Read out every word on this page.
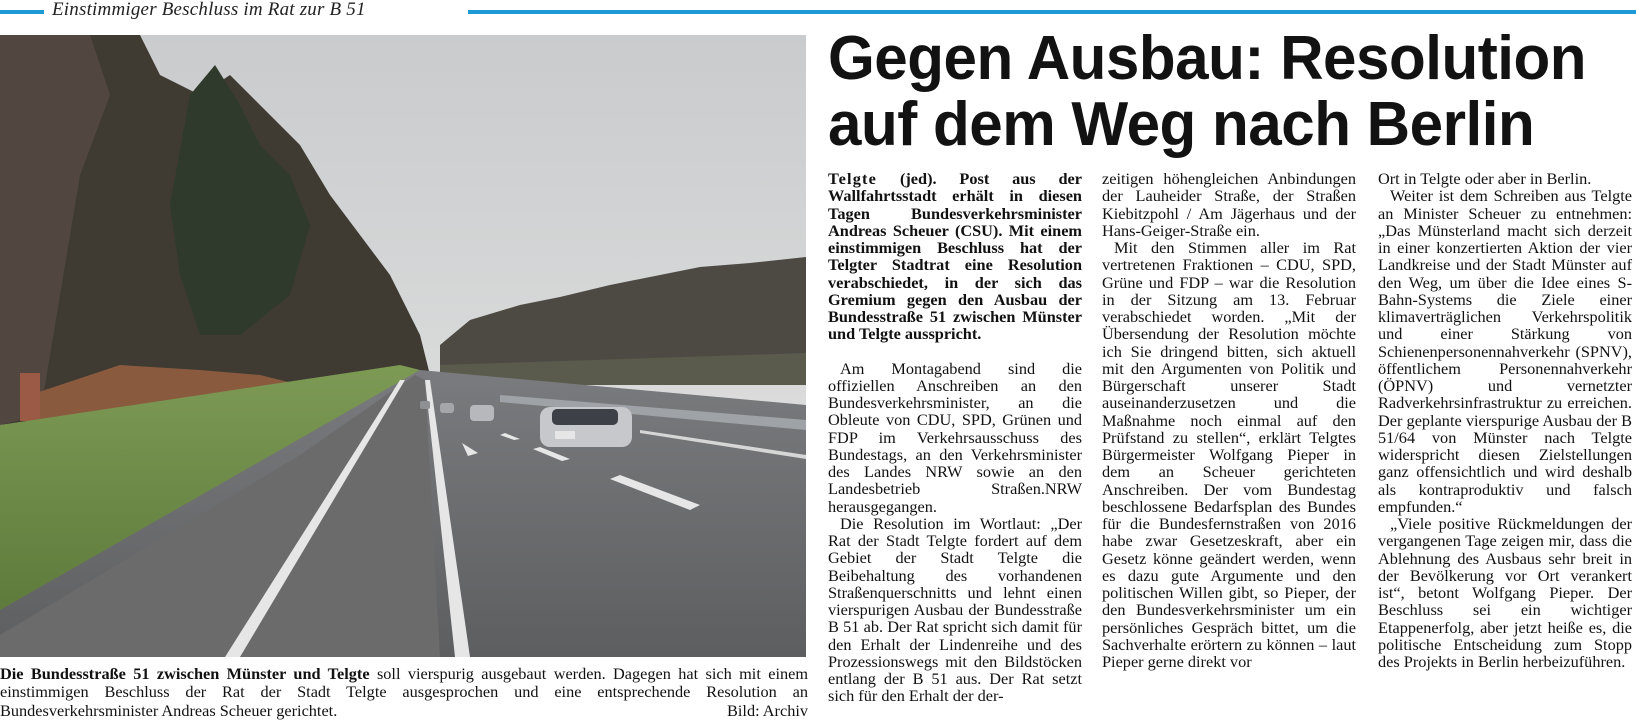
Einstimmiger Beschluss im Rat zur B 51
Die Bundesstraße 51 zwischen Münster und Telgte soll vierspurig ausgebaut werden. Dagegen hat sich mit einem einstimmigen Beschluss der Rat der Stadt Telgte ausgesprochen und eine entsprechende Resolution an Bundesverkehrsminister Andreas Scheuer gerichtet.	Bild: Archiv
Gegen Ausbau: Resolution
auf dem Weg nach Berlin

Telgte (jed). Post aus der Wallfahrtsstadt erhält in diesen Tagen Bundesverkehrsminister Andreas Scheuer (CSU). Mit einem einstimmigen Beschluss hat der Telgter Stadtrat eine Resolution verabschiedet, in der sich das Gremium gegen den Ausbau der Bundesstraße 51 zwischen Münster und Telgte ausspricht.

Am Montagabend sind die offiziellen Anschreiben an den Bundesverkehrsminister, an die Obleute von CDU, SPD, Grünen und FDP im Verkehrsausschuss des Bundestags, an den Verkehrsminister des Landes NRW sowie an den Landesbetrieb Straßen.NRW herausgegangen.

Die Resolution im Wortlaut: „Der Rat der Stadt Telgte fordert auf dem Gebiet der Stadt Telgte die Beibehaltung des vorhandenen Straßenquerschnitts und lehnt einen vierspurigen Ausbau der Bundesstraße B 51 ab. Der Rat spricht sich damit für den Erhalt der Lindenreihe und des Prozessionswegs mit den Bildstöcken entlang der B 51 aus. Der Rat setzt sich für den Erhalt der der-

zeitigen höhengleichen Anbindungen der Lauheider Straße, der Straßen Kiebitzpohl / Am Jägerhaus und der Hans-Geiger-Straße ein.

Mit den Stimmen aller im Rat vertretenen Fraktionen – CDU, SPD, Grüne und FDP – war die Resolution in der Sitzung am 13. Februar verabschiedet worden. „Mit der Übersendung der Resolution möchte ich Sie dringend bitten, sich aktuell mit den Argumenten von Politik und Bürgerschaft unserer Stadt auseinanderzusetzen und die Maßnahme noch einmal auf den Prüfstand zu stellen“, erklärt Telgtes Bürgermeister Wolfgang Pieper in dem an Scheuer gerichteten Anschreiben. Der vom Bundestag beschlossene Bedarfsplan des Bundes für die Bundesfernstraßen von 2016 habe zwar Gesetzeskraft, aber ein Gesetz könne geändert werden, wenn es dazu gute Argumente und den politischen Willen gibt, so Pieper, der den Bundesverkehrsminister um ein persönliches Gespräch bittet, um die Sachverhalte erörtern zu können – laut Pieper gerne direkt vor

Ort in Telgte oder aber in Berlin.

Weiter ist dem Schreiben aus Telgte an Minister Scheuer zu entnehmen: „Das Münsterland macht sich derzeit in einer konzertierten Aktion der vier Landkreise und der Stadt Münster auf den Weg, um über die Idee eines S-Bahn-Systems die Ziele einer klimaverträglichen Verkehrspolitik und einer Stärkung von Schienenpersonennahverkehr (SPNV), öffentlichem Personennahverkehr (ÖPNV) und vernetzter Radverkehrsinfrastruktur zu erreichen. Der geplante vierspurige Ausbau der B 51/64 von Münster nach Telgte widerspricht diesen Zielstellungen ganz offensichtlich und wird deshalb als kontraproduktiv und falsch empfunden.“

„Viele positive Rückmeldungen der vergangenen Tage zeigen mir, dass die Ablehnung des Ausbaus sehr breit in der Bevölkerung vor Ort verankert ist“, betont Wolfgang Pieper. Der Beschluss sei ein wichtiger Etappenerfolg, aber jetzt heiße es, die politische Entscheidung zum Stopp des Projekts in Berlin herbeizuführen.
